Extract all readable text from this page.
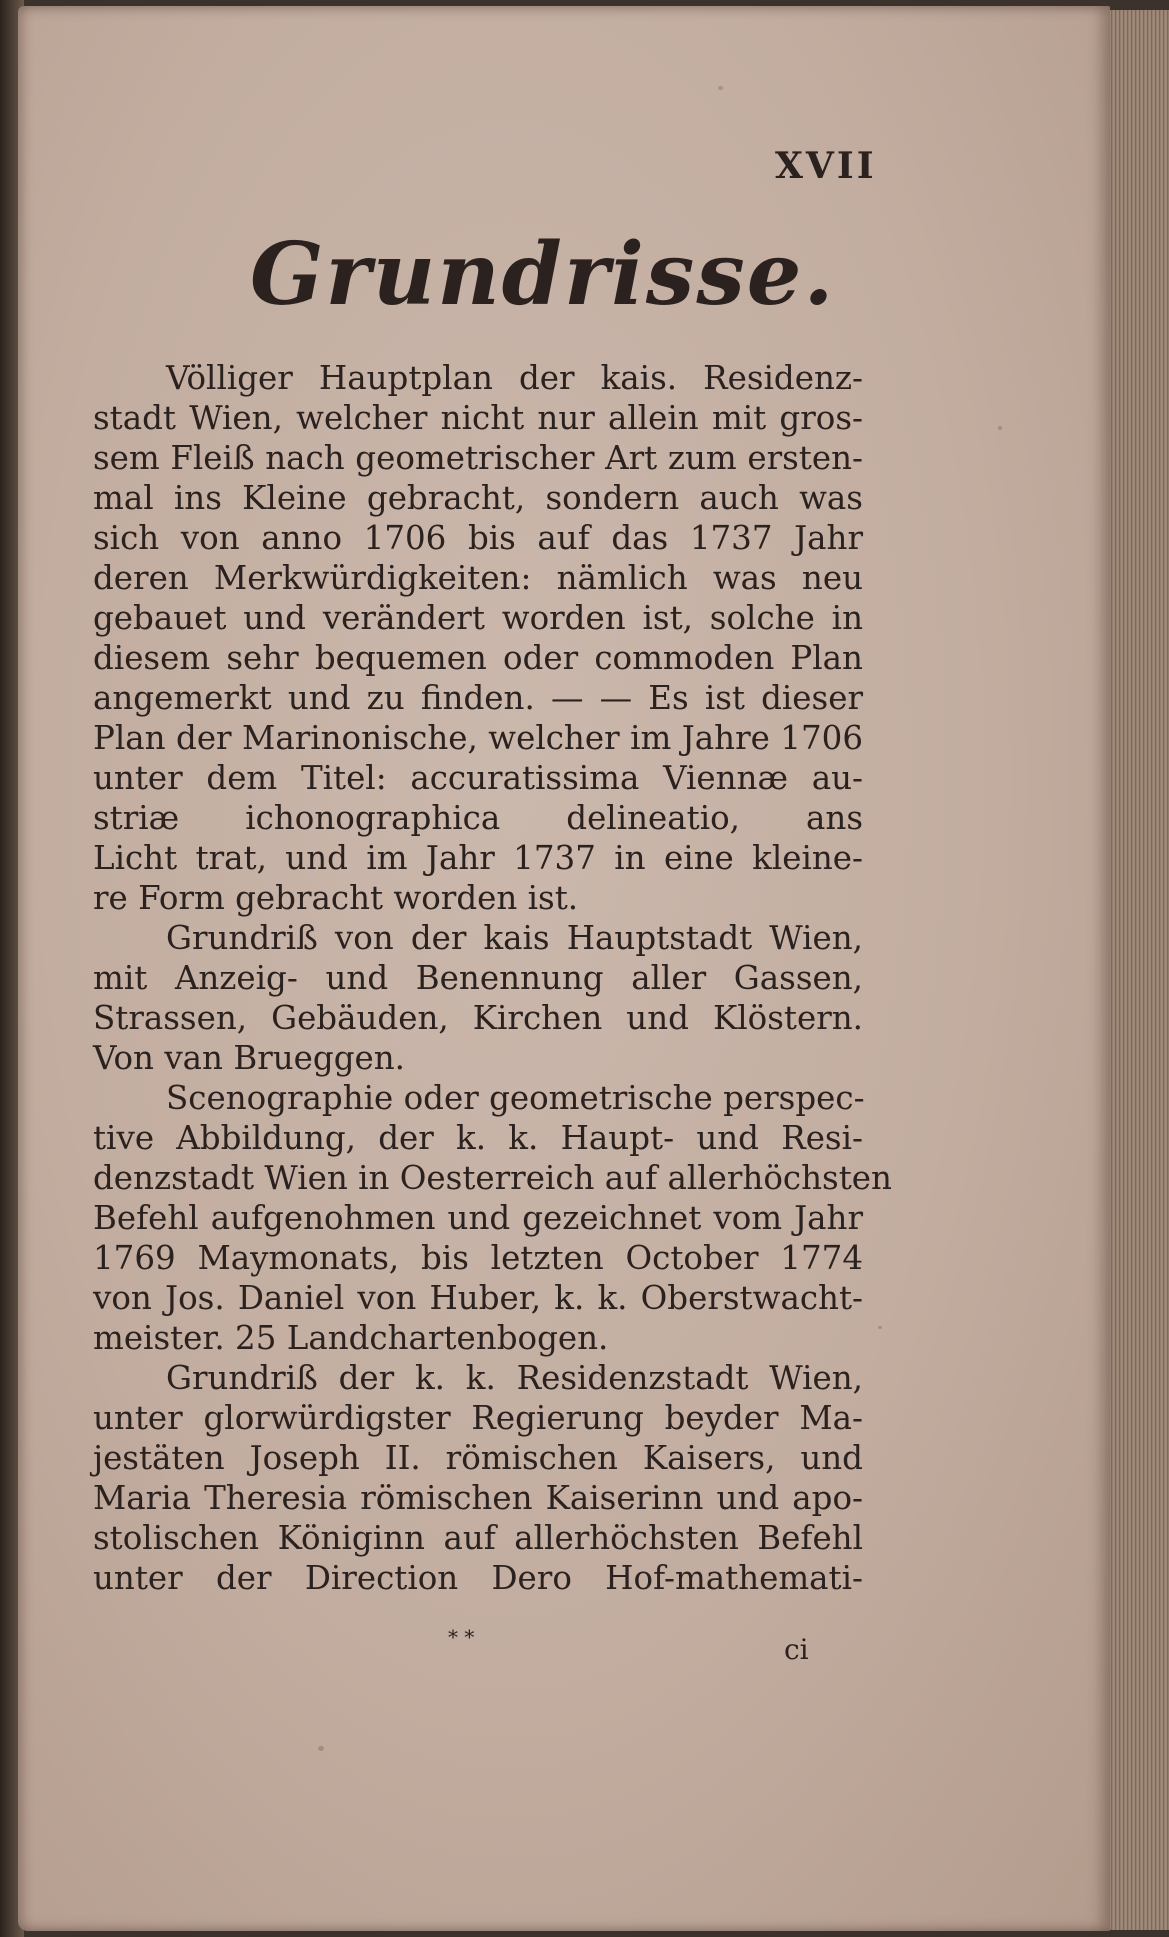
XVII
Grundrisse.
Völliger Hauptplan der kais. Residenz-
stadt Wien, welcher nicht nur allein mit gros-
sem Fleiß nach geometrischer Art zum ersten-
mal ins Kleine gebracht, sondern auch was
sich von anno 1706 bis auf das 1737 Jahr
deren Merkwürdigkeiten: nämlich was neu
gebauet und verändert worden ist, solche in
diesem sehr bequemen oder commoden Plan
angemerkt und zu finden. — — Es ist dieser
Plan der Marinonische, welcher im Jahre 1706
unter dem Titel: accuratissima Viennæ au-
striæ ichonographica delineatio, ans
Licht trat, und im Jahr 1737 in eine kleine-
re Form gebracht worden ist.
Grundriß von der kais Hauptstadt Wien,
mit Anzeig- und Benennung aller Gassen,
Strassen, Gebäuden, Kirchen und Klöstern.
Von van Brueggen.
Scenographie oder geometrische perspec-
tive Abbildung, der k. k. Haupt- und Resi-
denzstadt Wien in Oesterreich auf allerhöchsten
Befehl aufgenohmen und gezeichnet vom Jahr
1769 Maymonats, bis letzten October 1774
von Jos. Daniel von Huber, k. k. Oberstwacht-
meister. 25 Landchartenbogen.
Grundriß der k. k. Residenzstadt Wien,
unter glorwürdigster Regierung beyder Ma-
jestäten Joseph II. römischen Kaisers, und
Maria Theresia römischen Kaiserinn und apo-
stolischen Königinn auf allerhöchsten Befehl
unter der Direction Dero Hof-mathemati-
* *	ci
